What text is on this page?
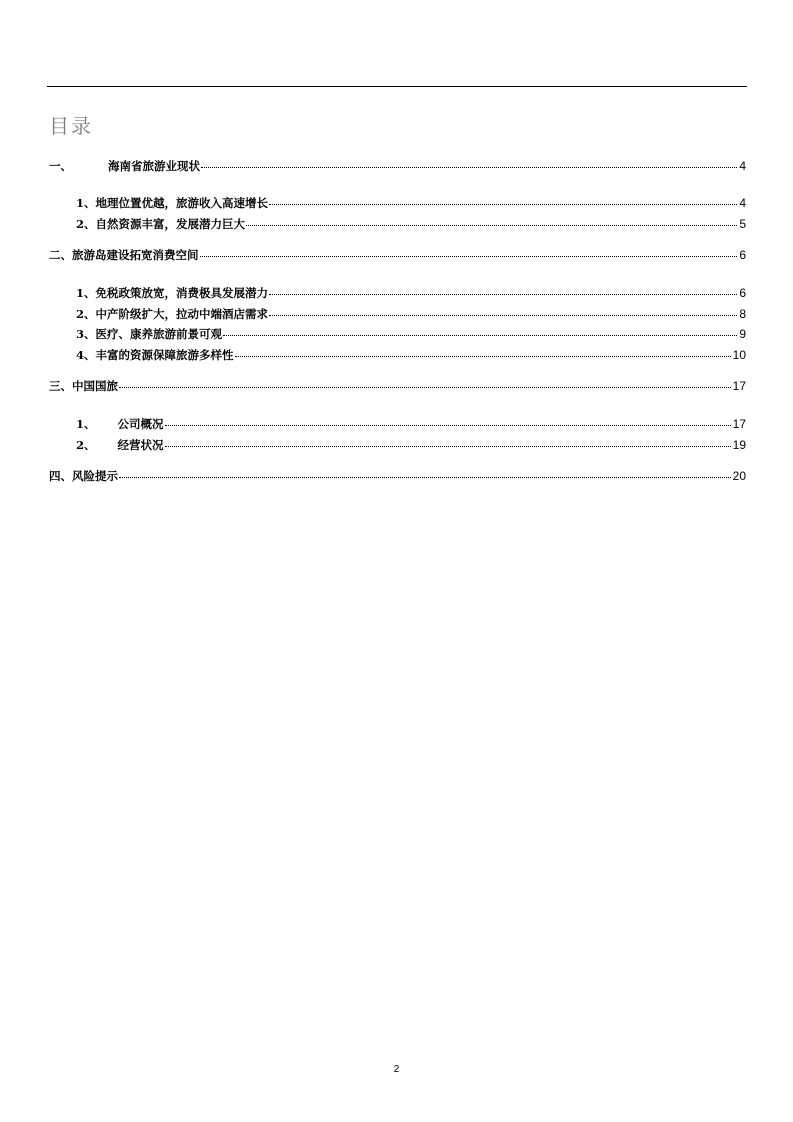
目录
一、	海南省旅游业现状	4
1、地理位置优越，旅游收入高速增长	4
2、自然资源丰富，发展潜力巨大	5
二、旅游岛建设拓宽消费空间	6
1、免税政策放宽，消费极具发展潜力	6
2、中产阶级扩大，拉动中端酒店需求	8
3、医疗、康养旅游前景可观	9
4、丰富的资源保障旅游多样性	10
三、中国国旅	17
1、 公司概况	17
2、 经营状况	19
四、风险提示	20
2
